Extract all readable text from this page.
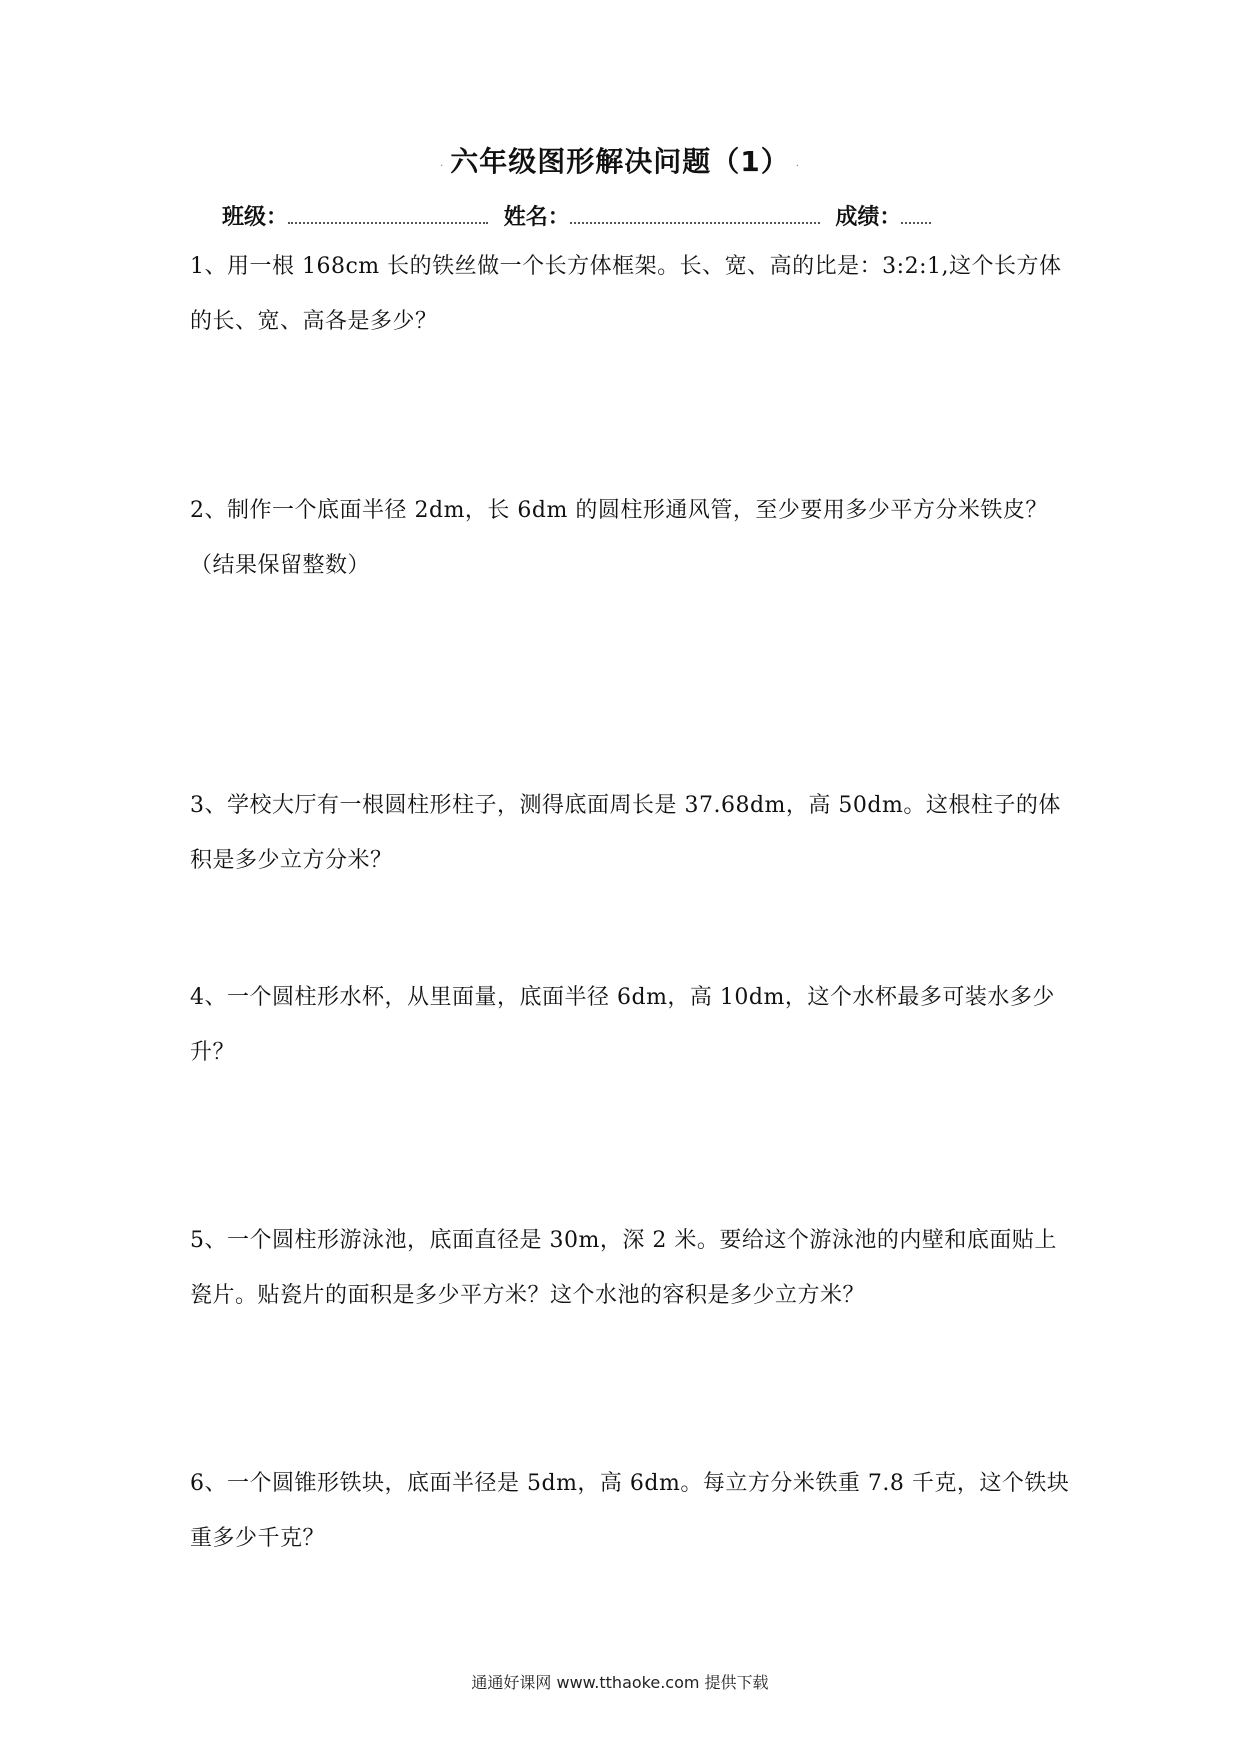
. 六年级图形解决问题（1） .
班级：	姓名：	成绩：
1、用一根 168cm 长的铁丝做一个长方体框架。长、宽、高的比是：3:2:1,这个长方体的长、宽、高各是多少？
2、制作一个底面半径 2dm，长 6dm 的圆柱形通风管，至少要用多少平方分米铁皮？（结果保留整数）
3、学校大厅有一根圆柱形柱子，测得底面周长是 37.68dm，高 50dm。这根柱子的体积是多少立方分米？
4、一个圆柱形水杯，从里面量，底面半径 6dm，高 10dm，这个水杯最多可装水多少升？
5、一个圆柱形游泳池，底面直径是 30m，深 2 米。要给这个游泳池的内壁和底面贴上瓷片。贴瓷片的面积是多少平方米？这个水池的容积是多少立方米？
6、一个圆锥形铁块，底面半径是 5dm，高 6dm。每立方分米铁重 7.8 千克，这个铁块重多少千克？
通通好课网 www.tthaoke.com 提供下载
